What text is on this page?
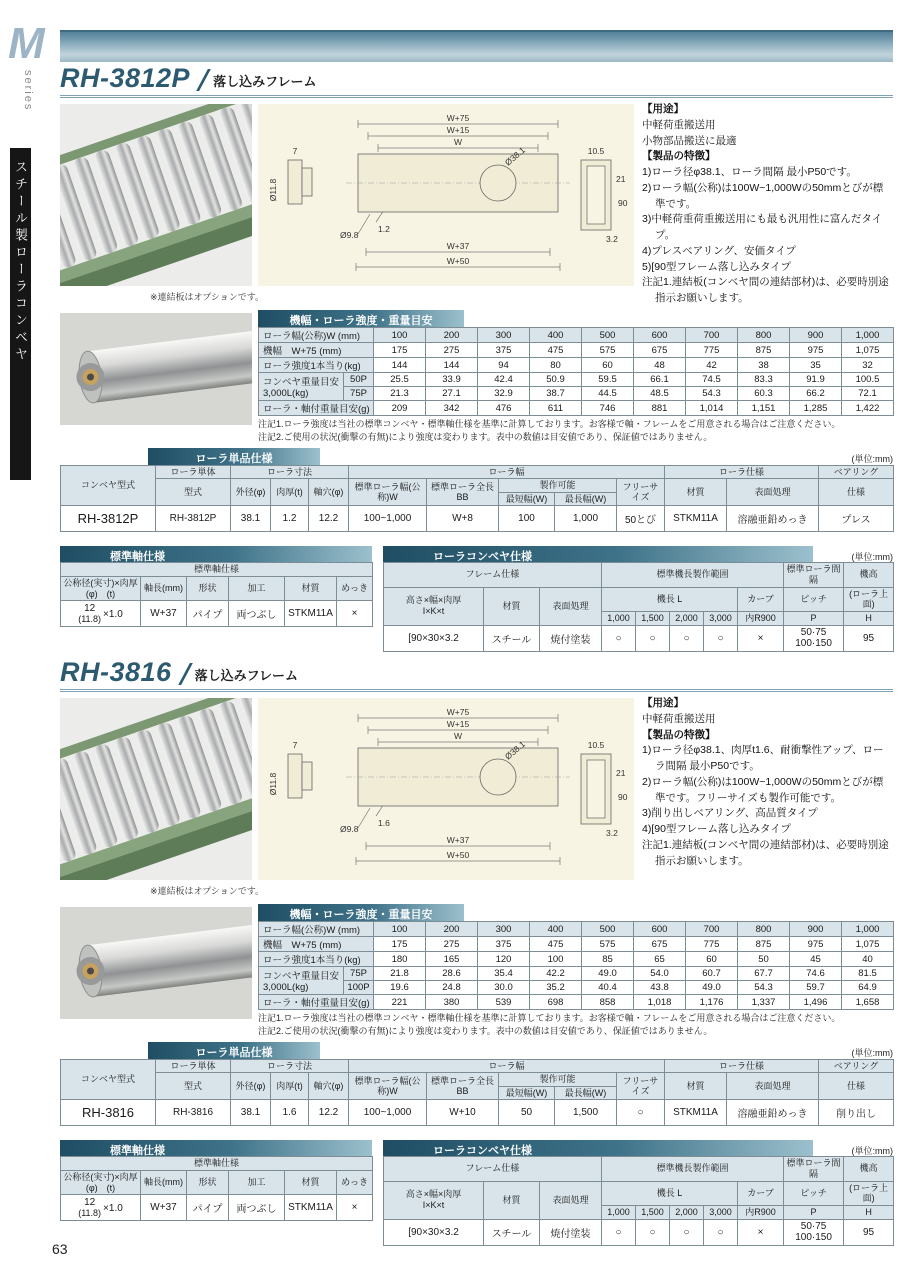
M
series
スチール製ローラコンベヤ
63
RH-3812P 落し込みフレーム
※連結板はオプションです。
W+75
W+15
W
7
Ø11.8
10.5
Ø38.1
1.2
21
90
3.2
Ø9.8
W+37
W+50
【用途】
中軽荷重搬送用
小物部品搬送に最適
【製品の特徴】
1)ローラ径φ38.1、ローラ間隔 最小P50です。
2)ローラ幅(公称)は100W~1,000Wの50mmとびが標準です。
3)中軽荷重荷重搬送用にも最も汎用性に富んだタイプ。
4)プレスベアリング、安価タイプ
5)[90型フレーム落し込みタイプ
注記1.連結板(コンベヤ間の連結部材)は、必要時別途指示お願いします。
機幅・ローラ強度・重量目安
ローラ幅(公称)W (mm)		100	200	300	400	500	600	700	800	900	1,000
機幅　W+75 (mm)		175	275	375	475	575	675	775	875	975	1,075
ローラ強度1本当り(kg)		144	144	94	80	60	48	42	38	35	32

コンベヤ重量目安
3,000L(kg)	50P	25.5	33.9	42.4	50.9	59.5	66.1	74.5	83.3	91.9	100.5
	75P	21.3	27.1	32.9	38.7	44.5	48.5	54.3	60.3	66.2	72.1
ローラ・軸付重量目安(g)		209	342	476	611	746	881	1,014	1,151	1,285	1,422
注記1.ローラ強度は当社の標準コンベヤ・標準軸仕様を基準に計算しております。お客様で軸・フレームをご用意される場合はご注意ください。
注記2.ご使用の状況(衝撃の有無)により強度は変わります。表中の数値は目安値であり、保証値ではありません。
ローラ単品仕様	(単位:mm)
コンベヤ型式	ローラ単体	ローラ寸法			ローラ幅					ローラ仕様		ベアリング
	型式	外径(φ)	肉厚(t)	軸穴(φ)	標準ローラ幅(公称)W	標準ローラ全長BB	製作可能		フリーサイズ	材質	表面処理	仕様
							最短幅(W)	最長幅(W)				
RH-3812P	RH-3812P	38.1	1.2	12.2	100~1,000	W+8	100	1,000	50とび	STKM11A	溶融亜鉛めっき	プレス
標準軸仕様
標準軸仕様					

公称径(実寸)×肉厚
(φ)　(t)	軸長(mm)	形状	加工	材質	めっき

12
(11.8) ×1.0	W+37	パイプ	両つぶし	STKM11A	×
ローラコンベヤ仕様	(単位:mm)
フレーム仕様			標準機長製作範囲					標準ローラ間隔	機高

高さ×幅×肉厚
I×K×t	材質	表面処理	機長 L				カーブ	ピッチ	(ローラ上面)
			1,000	1,500	2,000	3,000	内R900	P	H
[90×30×3.2	スチール	焼付塗装	○	○	○	○	×	50·75
100·150	95
RH-3816 落し込みフレーム
※連結板はオプションです。
W+75
W+15
W
7
Ø11.8
10.5
Ø38.1
1.6
21
90
3.2
Ø9.8
W+37
W+50
【用途】
中軽荷重搬送用
【製品の特徴】
1)ローラ径φ38.1、肉厚t1.6、耐衝撃性アップ、ローラ間隔 最小P50です。
2)ローラ幅(公称)は100W~1,000Wの50mmとびが標準です。フリーサイズも製作可能です。
3)削り出しベアリング、高品質タイプ
4)[90型フレーム落し込みタイプ
注記1.連結板(コンベヤ間の連結部材)は、必要時別途指示お願いします。
機幅・ローラ強度・重量目安
ローラ幅(公称)W (mm)		100	200	300	400	500	600	700	800	900	1,000
機幅　W+75 (mm)		175	275	375	475	575	675	775	875	975	1,075
ローラ強度1本当り(kg)		180	165	120	100	85	65	60	50	45	40

コンベヤ重量目安
3,000L(kg)	75P	21.8	28.6	35.4	42.2	49.0	54.0	60.7	67.7	74.6	81.5
	100P	19.6	24.8	30.0	35.2	40.4	43.8	49.0	54.3	59.7	64.9
ローラ・軸付重量目安(g)		221	380	539	698	858	1,018	1,176	1,337	1,496	1,658
注記1.ローラ強度は当社の標準コンベヤ・標準軸仕様を基準に計算しております。お客様で軸・フレームをご用意される場合はご注意ください。
注記2.ご使用の状況(衝撃の有無)により強度は変わります。表中の数値は目安値であり、保証値ではありません。
ローラ単品仕様	(単位:mm)
コンベヤ型式	ローラ単体	ローラ寸法			ローラ幅					ローラ仕様		ベアリング
	型式	外径(φ)	肉厚(t)	軸穴(φ)	標準ローラ幅(公称)W	標準ローラ全長BB	製作可能		フリーサイズ	材質	表面処理	仕様
							最短幅(W)	最長幅(W)				
RH-3816	RH-3816	38.1	1.6	12.2	100~1,000	W+10	50	1,500	○	STKM11A	溶融亜鉛めっき	削り出し
標準軸仕様
標準軸仕様					

公称径(実寸)×肉厚
(φ)　(t)	軸長(mm)	形状	加工	材質	めっき

12
(11.8) ×1.0	W+37	パイプ	両つぶし	STKM11A	×
ローラコンベヤ仕様	(単位:mm)
フレーム仕様			標準機長製作範囲					標準ローラ間隔	機高

高さ×幅×肉厚
I×K×t	材質	表面処理	機長 L				カーブ	ピッチ	(ローラ上面)
			1,000	1,500	2,000	3,000	内R900	P	H
[90×30×3.2	スチール	焼付塗装	○	○	○	○	×	50·75
100·150	95
